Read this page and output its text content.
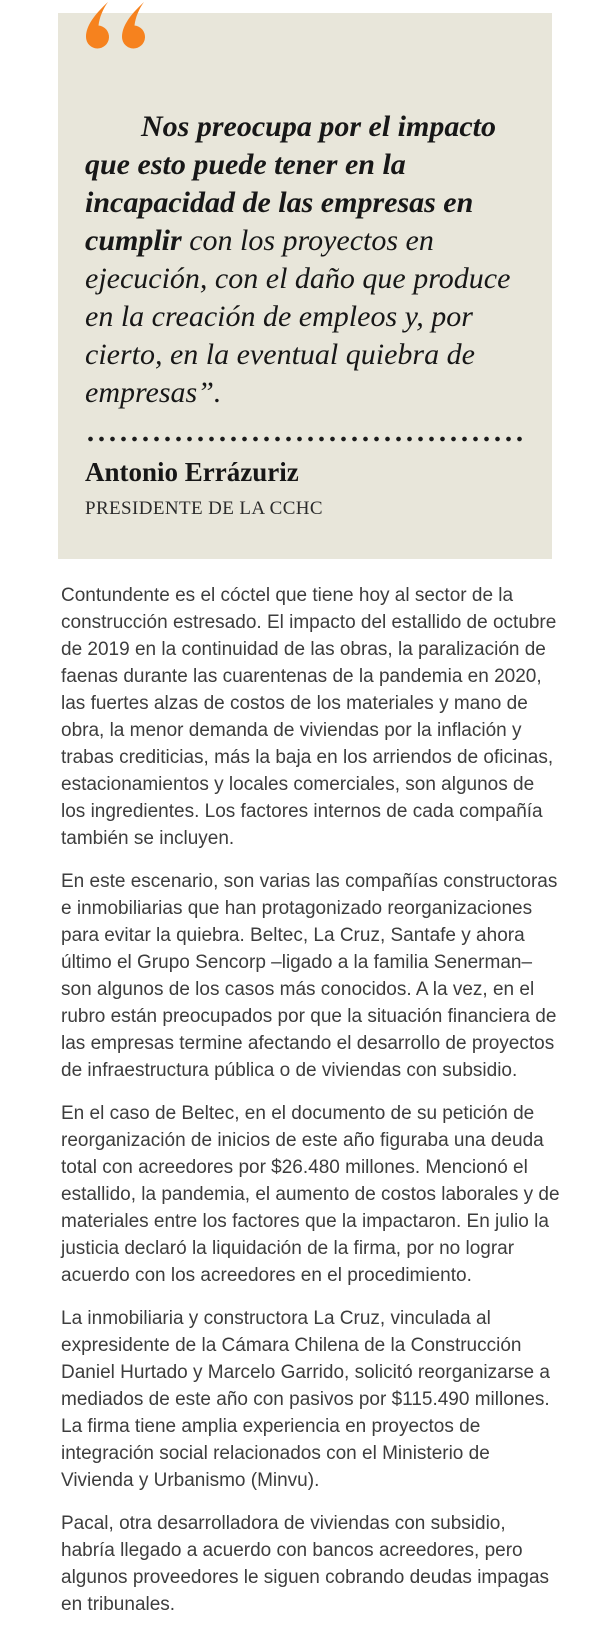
Nos preocupa por el impacto que esto puede tener en la incapacidad de las empresas en cumplir con los proyectos en ejecución, con el daño que produce en la creación de empleos y, por cierto, en la eventual quiebra de empresas”.

Antonio Errázuriz

PRESIDENTE DE LA CCHC

Contundente es el cóctel que tiene hoy al sector de la construcción estresado. El impacto del estallido de octubre de 2019 en la continuidad de las obras, la paralización de faenas durante las cuarentenas de la pandemia en 2020, las fuertes alzas de costos de los materiales y mano de obra, la menor demanda de viviendas por la inflación y trabas crediticias, más la baja en los arriendos de oficinas, estacionamientos y locales comerciales, son algunos de los ingredientes. Los factores internos de cada compañía también se incluyen.

En este escenario, son varias las compañías constructoras e inmobiliarias que han protagonizado reorganizaciones para evitar la quiebra. Beltec, La Cruz, Santafe y ahora último el Grupo Sencorp –ligado a la familia Senerman– son algunos de los casos más conocidos. A la vez, en el rubro están preocupados por que la situación financiera de las empresas termine afectando el desarrollo de proyectos de infraestructura pública o de viviendas con subsidio.

En el caso de Beltec, en el documento de su petición de reorganización de inicios de este año figuraba una deuda total con acreedores por $26.480 millones. Mencionó el estallido, la pandemia, el aumento de costos laborales y de materiales entre los factores que la impactaron. En julio la justicia declaró la liquidación de la firma, por no lograr acuerdo con los acreedores en el procedimiento.

La inmobiliaria y constructora La Cruz, vinculada al expresidente de la Cámara Chilena de la Construcción Daniel Hurtado y Marcelo Garrido, solicitó reorganizarse a mediados de este año con pasivos por $115.490 millones. La firma tiene amplia experiencia en proyectos de integración social relacionados con el Ministerio de Vivienda y Urbanismo (Minvu).

Pacal, otra desarrolladora de viviendas con subsidio, habría llegado a acuerdo con bancos acreedores, pero algunos proveedores le siguen cobrando deudas impagas en tribunales.
